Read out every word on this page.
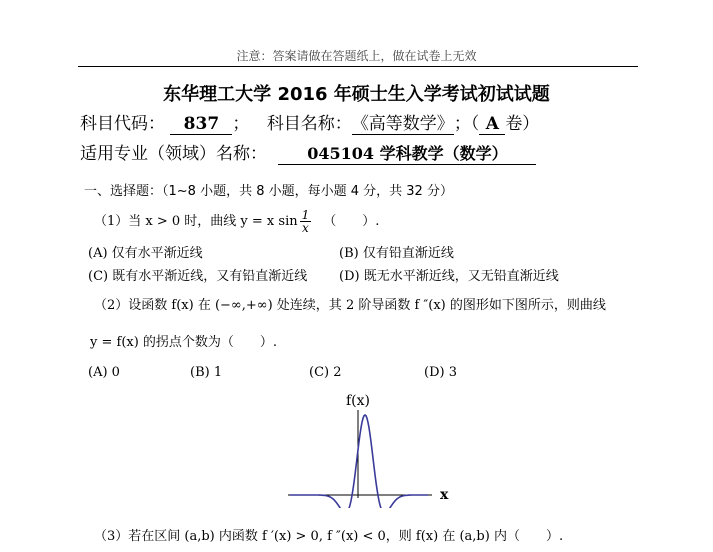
注意：答案请做在答题纸上，做在试卷上无效
东华理工大学 2016 年硕士生入学考试初试试题
科目代码： 837 ； 科目名称：《高等数学》；（ A 卷）
适用专业（领域）名称：	045104 学科教学（数学）
一、选择题：（1~8 小题，共 8 小题，每小题 4 分，共 32 分）
（1）当 x > 0 时，曲线 y = x $\sin \frac{1}{x}$ （　　）.
(A) 仅有水平渐近线	(B) 仅有铅直渐近线
(C) 既有水平渐近线，又有铅直渐近线 (D) 既无水平渐近线，又无铅直渐近线
（2）设函数 f(x) 在 (−∞,+∞) 处连续，其 2 阶导函数 f ″(x) 的图形如下图所示，则曲线
y = f(x) 的拐点个数为（　　）.
(A) 0	(B) 1	(C) 2	(D) 3
f(x)
x
（3）若在区间 (a,b) 内函数 f ′(x) > 0, f ″(x) < 0，则 f(x) 在 (a,b) 内（　　）.
